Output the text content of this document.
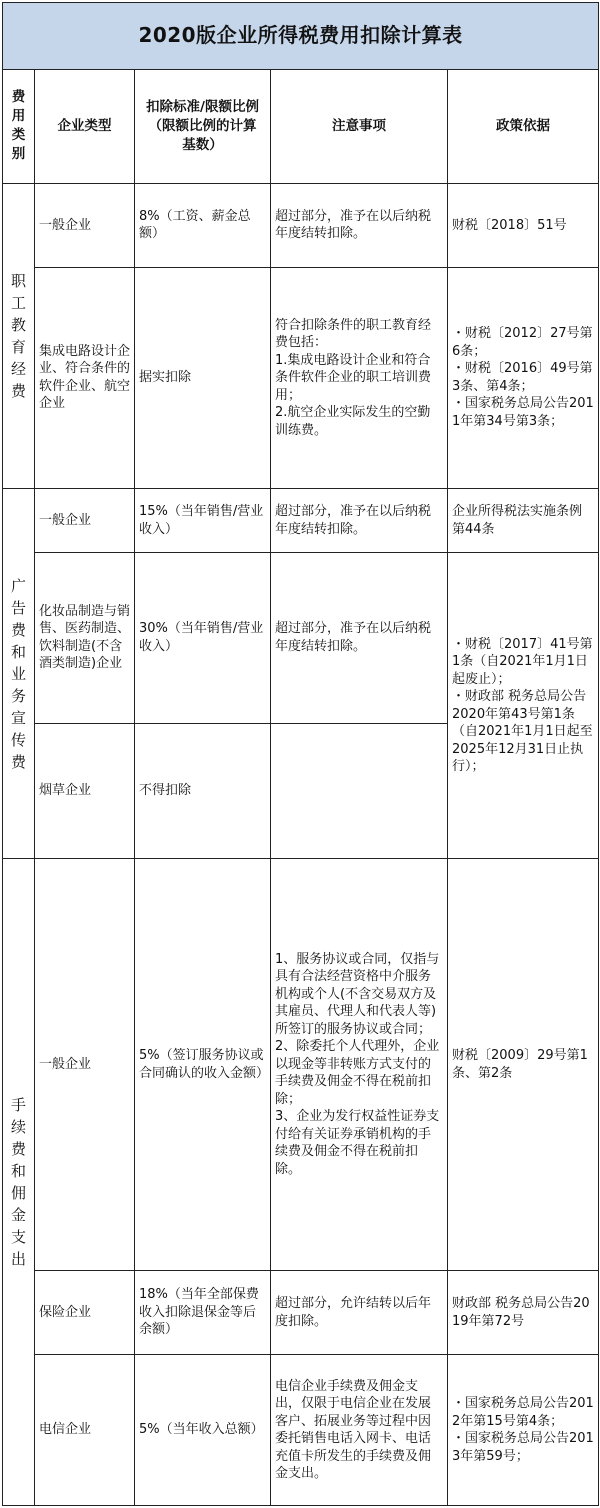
2020版企业所得税费用扣除计算表				
费用类别	企业类型	扣除标准/限额比例（限额比例的计算基数）	注意事项	政策依据
职工教育经费	一般企业	8%（工资、薪金总额）	超过部分，准予在以后纳税年度结转扣除。	财税〔2018〕51号
	集成电路设计企业、符合条件的软件企业、航空企业	据实扣除	符合扣除条件的职工教育经费包括：
1.集成电路设计企业和符合条件软件企业的职工培训费用；
2.航空企业实际发生的空勤训练费。	・财税〔2012〕27号第6条；
・财税〔2016〕49号第3条、第4条；
・国家税务总局公告2011年第34号第3条；
广告费和业务宣传费	一般企业	15%（当年销售/营业收入）	超过部分，准予在以后纳税年度结转扣除。	企业所得税法实施条例第44条
	化妆品制造与销售、医药制造、饮料制造(不含酒类制造)企业	30%（当年销售/营业收入）	超过部分，准予在以后纳税年度结转扣除。	・财税〔2017〕41号第1条（自2021年1月1日起废止）；
・财政部 税务总局公告2020年第43号第1条（自2021年1月1日起至2025年12月31日止执行）；
	烟草企业	不得扣除		
手续费和佣金支出	一般企业	5%（签订服务协议或合同确认的收入金额）	1、服务协议或合同，仅指与具有合法经营资格中介服务机构或个人(不含交易双方及其雇员、代理人和代表人等)所签订的服务协议或合同；
2、除委托个人代理外，企业以现金等非转账方式支付的手续费及佣金不得在税前扣除；
3、企业为发行权益性证券支付给有关证券承销机构的手续费及佣金不得在税前扣除。	财税〔2009〕29号第1条、第2条
	保险企业	18%（当年全部保费收入扣除退保金等后余额）	超过部分，允许结转以后年度扣除。	财政部 税务总局公告2019年第72号
	电信企业	5%（当年收入总额）	电信企业手续费及佣金支出，仅限于电信企业在发展客户、拓展业务等过程中因委托销售电话入网卡、电话充值卡所发生的手续费及佣金支出。	・国家税务总局公告2012年第15号第4条；
・国家税务总局公告2013年第59号；
